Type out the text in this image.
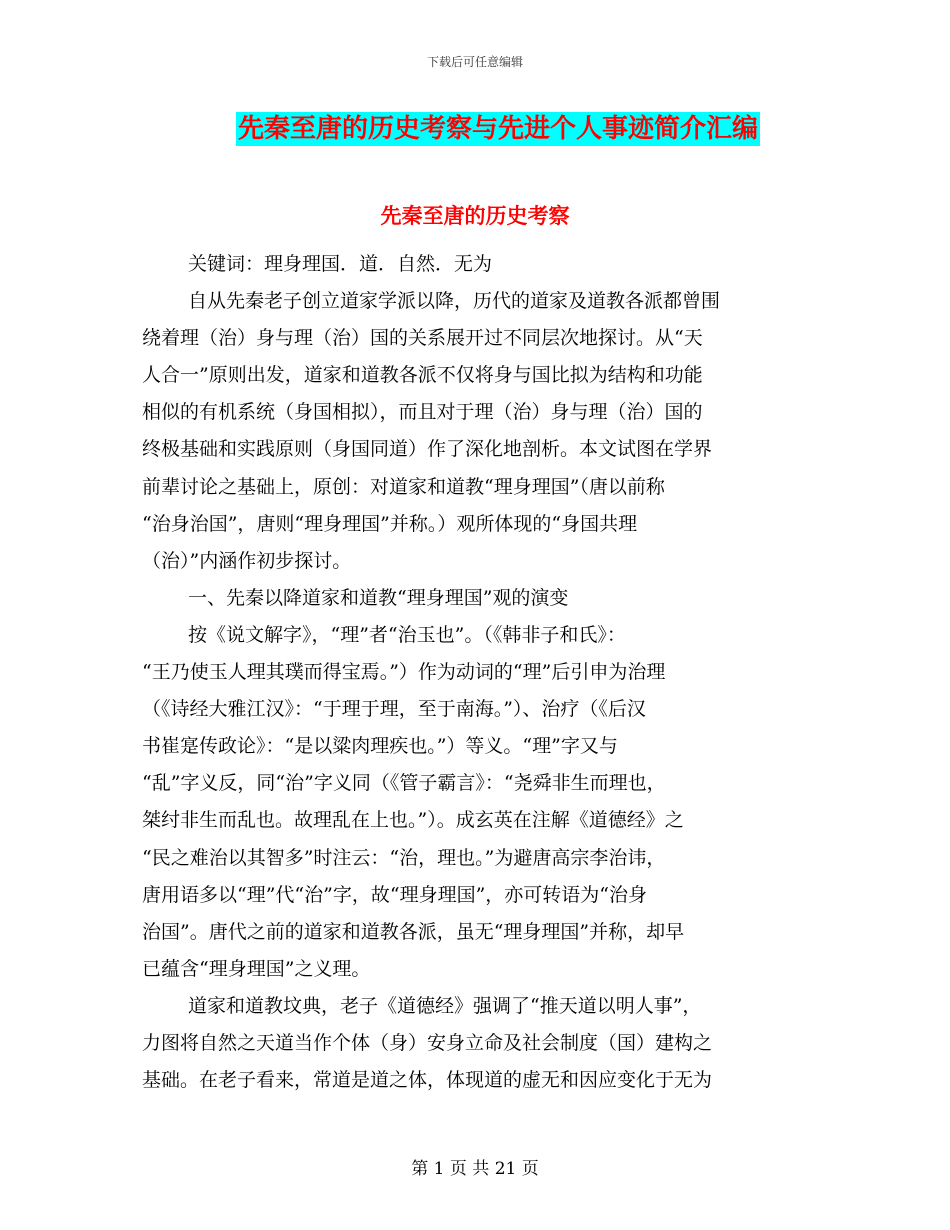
下载后可任意编辑
先秦至唐的历史考察与先进个人事迹简介汇编
先秦至唐的历史考察
关键词：理身理国．道．自然．无为
自从先秦老子创立道家学派以降，历代的道家及道教各派都曾围
绕着理（治）身与理（治）国的关系展开过不同层次地探讨。从“天
人合一”原则出发，道家和道教各派不仅将身与国比拟为结构和功能
相似的有机系统（身国相拟），而且对于理（治）身与理（治）国的
终极基础和实践原则（身国同道）作了深化地剖析。本文试图在学界
前辈讨论之基础上，原创：对道家和道教“理身理国”（唐以前称
“治身治国”，唐则“理身理国”并称。）观所体现的“身国共理
（治）”内涵作初步探讨。
一、先秦以降道家和道教“理身理国”观的演变
按《说文解字》，“理”者“治玉也”。（《韩非子和氏》：
“王乃使玉人理其璞而得宝焉。”）作为动词的“理”后引申为治理
（《诗经大雅江汉》：“于理于理，至于南海。”）、治疗（《后汉
书崔寔传政论》：“是以粱肉理疾也。”）等义。“理”字又与
“乱”字义反，同“治”字义同（《管子霸言》：“尧舜非生而理也，
桀纣非生而乱也。故理乱在上也。”）。成玄英在注解《道德经》之
“民之难治以其智多”时注云：“治，理也。”为避唐高宗李治讳，
唐用语多以“理”代“治”字，故“理身理国”，亦可转语为“治身
治国”。唐代之前的道家和道教各派，虽无“理身理国”并称，却早
已蕴含“理身理国”之义理。
道家和道教坟典，老子《道德经》强调了“推天道以明人事”，
力图将自然之天道当作个体（身）安身立命及社会制度（国）建构之
基础。在老子看来，常道是道之体，体现道的虚无和因应变化于无为
第 1 页 共 21 页
